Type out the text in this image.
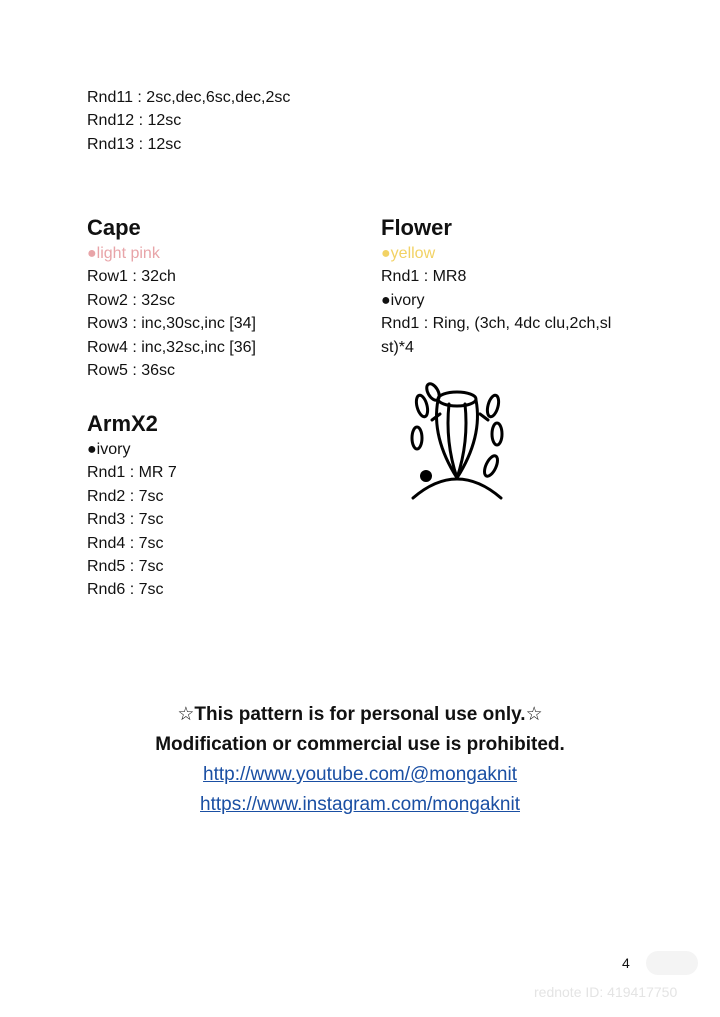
Rnd11 : 2sc,dec,6sc,dec,2sc
Rnd12 : 12sc
Rnd13 : 12sc
Cape
●light pink
Row1 : 32ch
Row2 : 32sc
Row3 : inc,30sc,inc [34]
Row4 : inc,32sc,inc [36]
Row5 : 36sc
ArmX2
●ivory
Rnd1 : MR 7
Rnd2 : 7sc
Rnd3 : 7sc
Rnd4 : 7sc
Rnd5 : 7sc
Rnd6 : 7sc
Flower
●yellow
Rnd1 : MR8
●ivory
Rnd1 : Ring, (3ch, 4dc clu,2ch,sl
st)*4
☆This pattern is for personal use only.☆
Modification or commercial use is prohibited.
http://www.youtube.com/@mongaknit
https://www.instagram.com/mongaknit
4
rednote ID: 419417750
